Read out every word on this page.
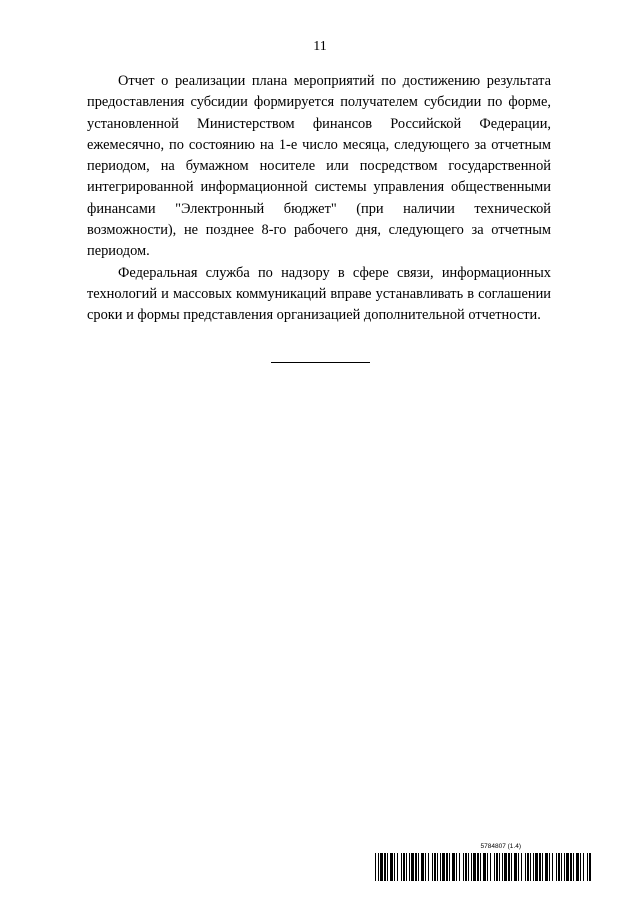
11

Отчет о реализации плана мероприятий по достижению результата предоставления субсидии формируется получателем субсидии по форме, установленной Министерством финансов Российской Федерации, ежемесячно, по состоянию на 1-е число месяца, следующего за отчетным периодом, на бумажном носителе или посредством государственной интегрированной информационной системы управления общественными финансами "Электронный бюджет" (при наличии технической возможности), не позднее 8-го рабочего дня, следующего за отчетным периодом.

Федеральная служба по надзору в сфере связи, информационных технологий и массовых коммуникаций вправе устанавливать в соглашении сроки и формы представления организацией дополнительной отчетности.

5784807 (1.4)
